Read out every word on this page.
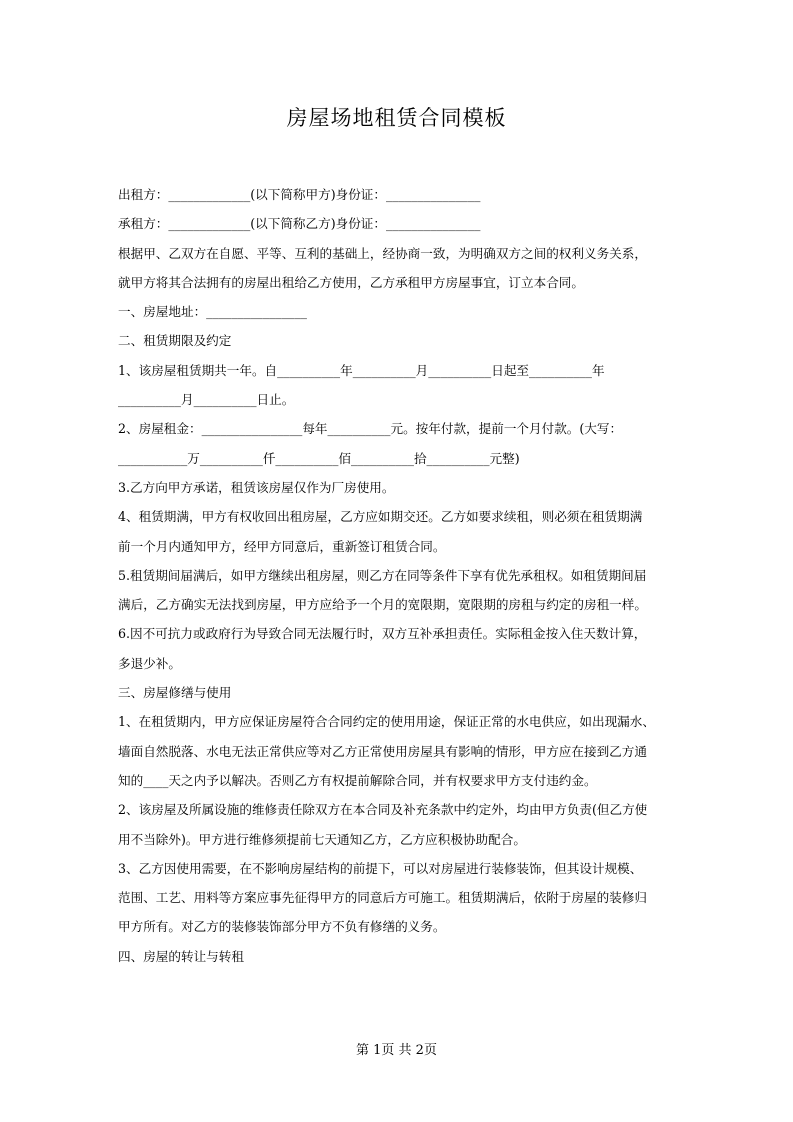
房屋场地租赁合同模板

出租方：_____________(以下简称甲方)身份证：_______________

承租方：_____________(以下简称乙方)身份证：_______________

根据甲、乙双方在自愿、平等、互利的基础上，经协商一致，为明确双方之间的权利义务关系，

就甲方将其合法拥有的房屋出租给乙方使用，乙方承租甲方房屋事宜，订立本合同。

一、房屋地址：________________

二、租赁期限及约定

1、该房屋租赁期共一年。自__________年__________月__________日起至__________年

__________月__________日止。

2、房屋租金：________________每年__________元。按年付款，提前一个月付款。(大写：

___________万__________仟__________佰__________拾__________元整)

3.乙方向甲方承诺，租赁该房屋仅作为厂房使用。

4、租赁期满，甲方有权收回出租房屋，乙方应如期交还。乙方如要求续租，则必须在租赁期满

前一个月内通知甲方，经甲方同意后，重新签订租赁合同。

5.租赁期间届满后，如甲方继续出租房屋，则乙方在同等条件下享有优先承租权。如租赁期间届

满后，乙方确实无法找到房屋，甲方应给予一个月的宽限期，宽限期的房租与约定的房租一样。

6.因不可抗力或政府行为导致合同无法履行时，双方互补承担责任。实际租金按入住天数计算，

多退少补。

三、房屋修缮与使用

1、在租赁期内，甲方应保证房屋符合合同约定的使用用途，保证正常的水电供应，如出现漏水、

墙面自然脱落、水电无法正常供应等对乙方正常使用房屋具有影响的情形，甲方应在接到乙方通

知的____天之内予以解决。否则乙方有权提前解除合同，并有权要求甲方支付违约金。

2、该房屋及所属设施的维修责任除双方在本合同及补充条款中约定外，均由甲方负责(但乙方使

用不当除外)。甲方进行维修须提前七天通知乙方，乙方应积极协助配合。

3、乙方因使用需要，在不影响房屋结构的前提下，可以对房屋进行装修装饰，但其设计规模、

范围、工艺、用料等方案应事先征得甲方的同意后方可施工。租赁期满后，依附于房屋的装修归

甲方所有。对乙方的装修装饰部分甲方不负有修缮的义务。

四、房屋的转让与转租

第 1页 共 2页
